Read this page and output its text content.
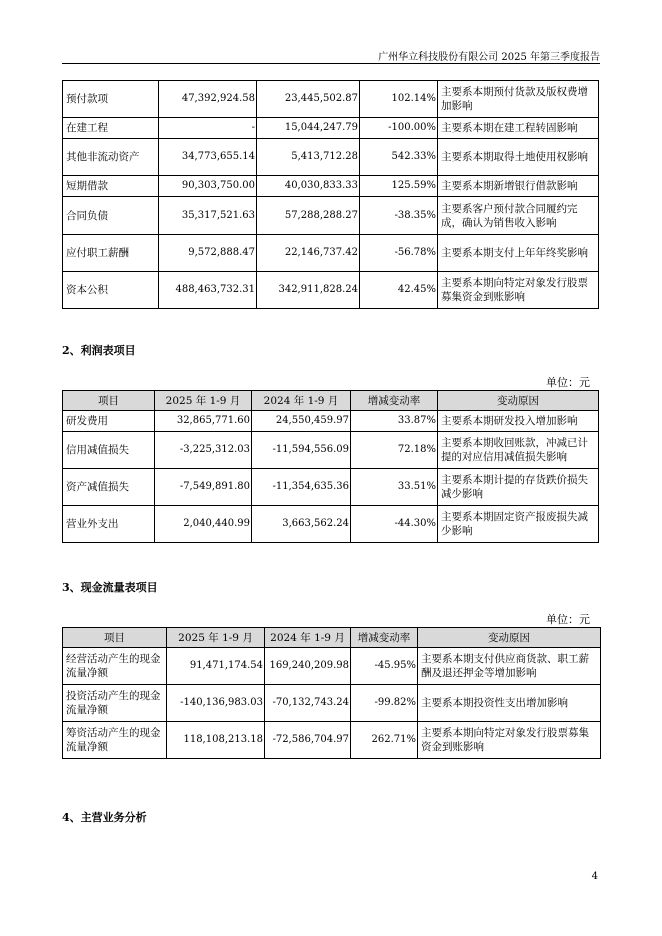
广州华立科技股份有限公司 2025 年第三季度报告
预付款项	47,392,924.58	23,445,502.87	102.14%	主要系本期预付货款及版权费增加影响
在建工程	-	15,044,247.79	-100.00%	主要系本期在建工程转固影响
其他非流动资产	34,773,655.14	5,413,712.28	542.33%	主要系本期取得土地使用权影响
短期借款	90,303,750.00	40,030,833.33	125.59%	主要系本期新增银行借款影响
合同负债	35,317,521.63	57,288,288.27	-38.35%	主要系客户预付款合同履约完成，确认为销售收入影响
应付职工薪酬	9,572,888.47	22,146,737.42	-56.78%	主要系本期支付上年年终奖影响
资本公积	488,463,732.31	342,911,828.24	42.45%	主要系本期向特定对象发行股票募集资金到账影响
2、利润表项目
单位：元
项目	2025 年 1-9 月	2024 年 1-9 月	增减变动率	变动原因
研发费用	32,865,771.60	24,550,459.97	33.87%	主要系本期研发投入增加影响
信用减值损失	-3,225,312.03	-11,594,556.09	72.18%	主要系本期收回账款，冲减已计提的对应信用减值损失影响
资产减值损失	-7,549,891.80	-11,354,635.36	33.51%	主要系本期计提的存货跌价损失减少影响
营业外支出	2,040,440.99	3,663,562.24	-44.30%	主要系本期固定资产报废损失减少影响
3、现金流量表项目
单位：元
项目	2025 年 1-9 月	2024 年 1-9 月	增减变动率	变动原因
经营活动产生的现金流量净额	91,471,174.54	169,240,209.98	-45.95%	主要系本期支付供应商货款、职工薪酬及退还押金等增加影响
投资活动产生的现金流量净额	-140,136,983.03	-70,132,743.24	-99.82%	主要系本期投资性支出增加影响
筹资活动产生的现金流量净额	118,108,213.18	-72,586,704.97	262.71%	主要系本期向特定对象发行股票募集资金到账影响
4、主营业务分析
4
